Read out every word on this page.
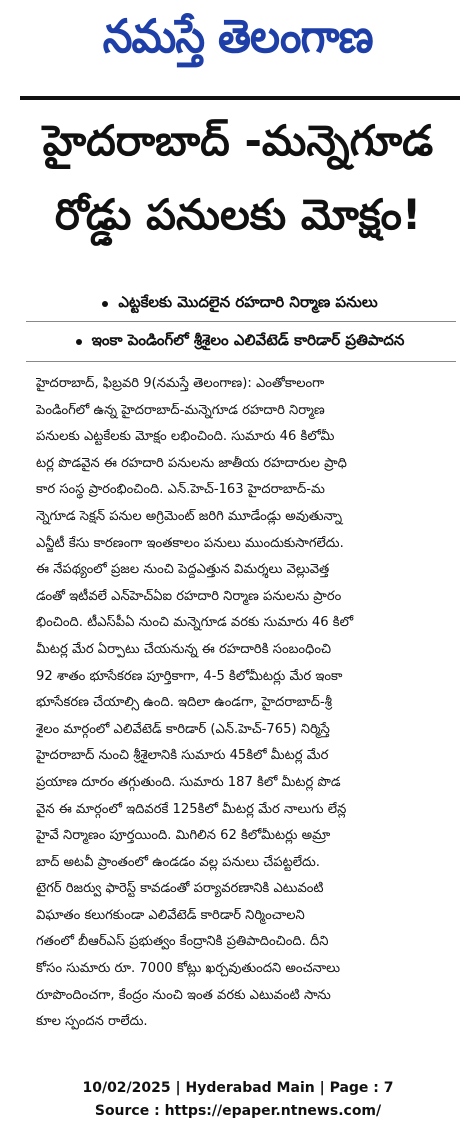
నమస్తే తెలంగాణ
హైదరాబాద్ -మన్నెగూడ
రోడ్డు పనులకు మోక్షం!
ఎట్టకేలకు మొదలైన రహదారి నిర్మాణ పనులు
ఇంకా పెండింగ్‌లో శ్రీశైలం ఎలివేటెడ్ కారిడార్ ప్రతిపాదన
హైదరాబాద్, ఫిబ్రవరి 9(నమస్తే తెలంగాణ): ఎంతోకాలంగా
పెండింగ్‌లో ఉన్న హైదరాబాద్-మన్నెగూడ రహదారి నిర్మాణ
పనులకు ఎట్టకేలకు మోక్షం లభించింది. సుమారు 46 కిలోమీ
టర్ల పొడవైన ఈ రహదారి పనులను జాతీయ రహదారుల ప్రాధి
కార సంస్థ ప్రారంభించింది. ఎన్.హెచ్-163 హైదరాబాద్-మ
న్నెగూడ సెక్షన్ పనుల అగ్రిమెంట్ జరిగి మూడేండ్లు అవుతున్నా
ఎన్జీటీ కేసు కారణంగా ఇంతకాలం పనులు ముందుకుసాగలేదు.
ఈ నేపథ్యంలో ప్రజల నుంచి పెద్దఎత్తున విమర్శలు వెల్లువెత్త
డంతో ఇటీవలే ఎన్‌హెచ్ఏఐ రహదారి నిర్మాణ పనులను ప్రారం
భించింది. టీఎస్‌పీఏ నుంచి మన్నెగూడ వరకు సుమారు 46 కిలో
మీటర్ల మేర ఏర్పాటు చేయనున్న ఈ రహదారికి సంబంధించి
92 శాతం భూసేకరణ పూర్తికాగా, 4-5 కిలోమీటర్లు మేర ఇంకా
భూసేకరణ చేయాల్సి ఉంది. ఇదిలా ఉండగా, హైదరాబాద్-శ్రీ
శైలం మార్గంలో ఎలివేటెడ్ కారిడార్ (ఎన్.హెచ్-765) నిర్మిస్తే
హైదరాబాద్ నుంచి శ్రీశైలానికి సుమారు 45కిలో మీటర్ల మేర
ప్రయాణ దూరం తగ్గుతుంది. సుమారు 187 కిలో మీటర్ల పొడ
వైన ఈ మార్గంలో ఇదివరకే 125కిలో మీటర్ల మేర నాలుగు లేన్ల
హైవే నిర్మాణం పూర్తయింది. మిగిలిన 62 కిలోమీటర్లు అమ్రా
బాద్ అటవీ ప్రాంతంలో ఉండడం వల్ల పనులు చేపట్టలేదు.
టైగర్ రిజర్వు ఫారెస్ట్ కావడంతో పర్యావరణానికి ఎటువంటి
విఘాతం కలుగకుండా ఎలివేటెడ్ కారిడార్ నిర్మించాలని
గతంలో బీఆర్ఎస్ ప్రభుత్వం కేంద్రానికి ప్రతిపాదించింది. దీని
కోసం సుమారు రూ. 7000 కోట్లు ఖర్చవుతుందని అంచనాలు
రూపొందించగా, కేంద్రం నుంచి ఇంత వరకు ఎటువంటి సాను
కూల స్పందన రాలేదు.
10/02/2025 | Hyderabad Main | Page : 7
Source : https://epaper.ntnews.com/
